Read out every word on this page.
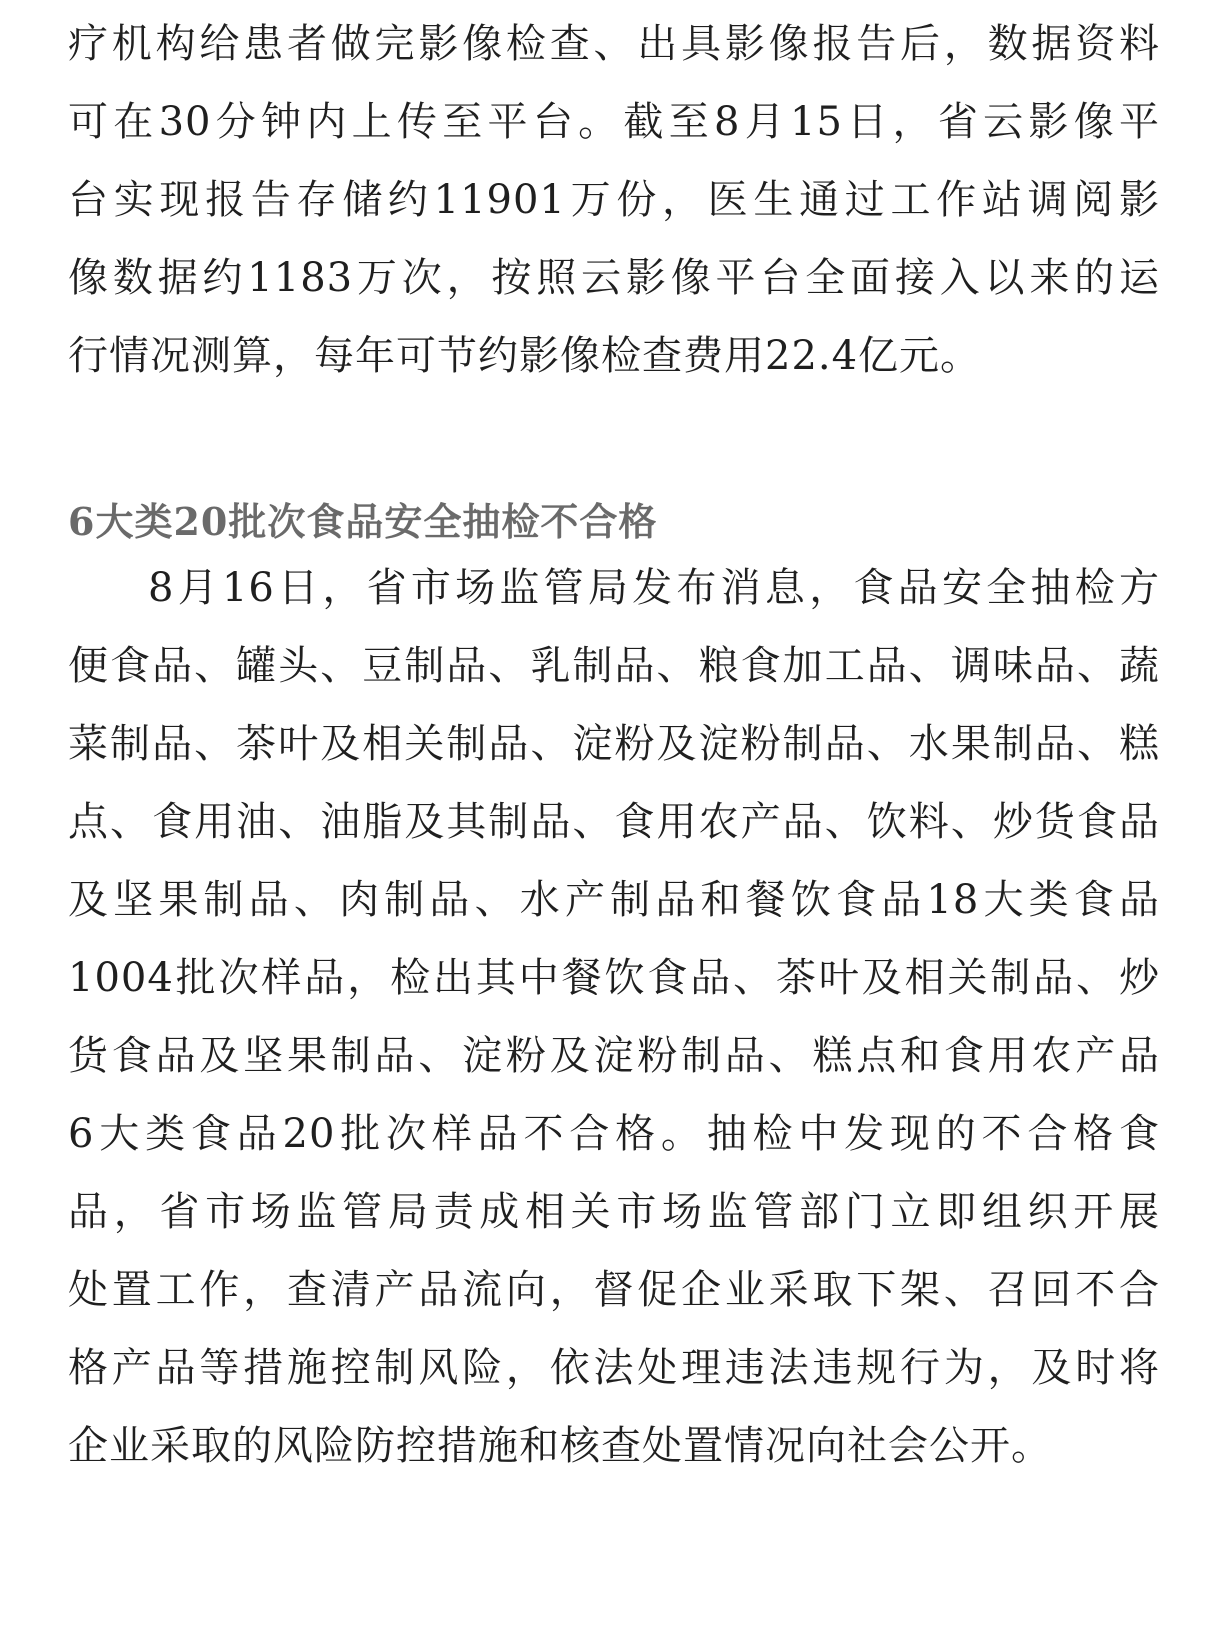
疗机构给患者做完影像检查、出具影像报告后，数据资料

可在30分钟内上传至平台。截至8月15日，省云影像平

台实现报告存储约11901万份，医生通过工作站调阅影

像数据约1183万次，按照云影像平台全面接入以来的运

行情况测算，每年可节约影像检查费用22.4亿元。

6大类20批次食品安全抽检不合格

8月16日，省市场监管局发布消息，食品安全抽检方

便食品、罐头、豆制品、乳制品、粮食加工品、调味品、蔬

菜制品、茶叶及相关制品、淀粉及淀粉制品、水果制品、糕

点、食用油、油脂及其制品、食用农产品、饮料、炒货食品

及坚果制品、肉制品、水产制品和餐饮食品18大类食品

1004批次样品，检出其中餐饮食品、茶叶及相关制品、炒

货食品及坚果制品、淀粉及淀粉制品、糕点和食用农产品

6大类食品20批次样品不合格。抽检中发现的不合格食

品，省市场监管局责成相关市场监管部门立即组织开展

处置工作，查清产品流向，督促企业采取下架、召回不合

格产品等措施控制风险，依法处理违法违规行为，及时将

企业采取的风险防控措施和核查处置情况向社会公开。
